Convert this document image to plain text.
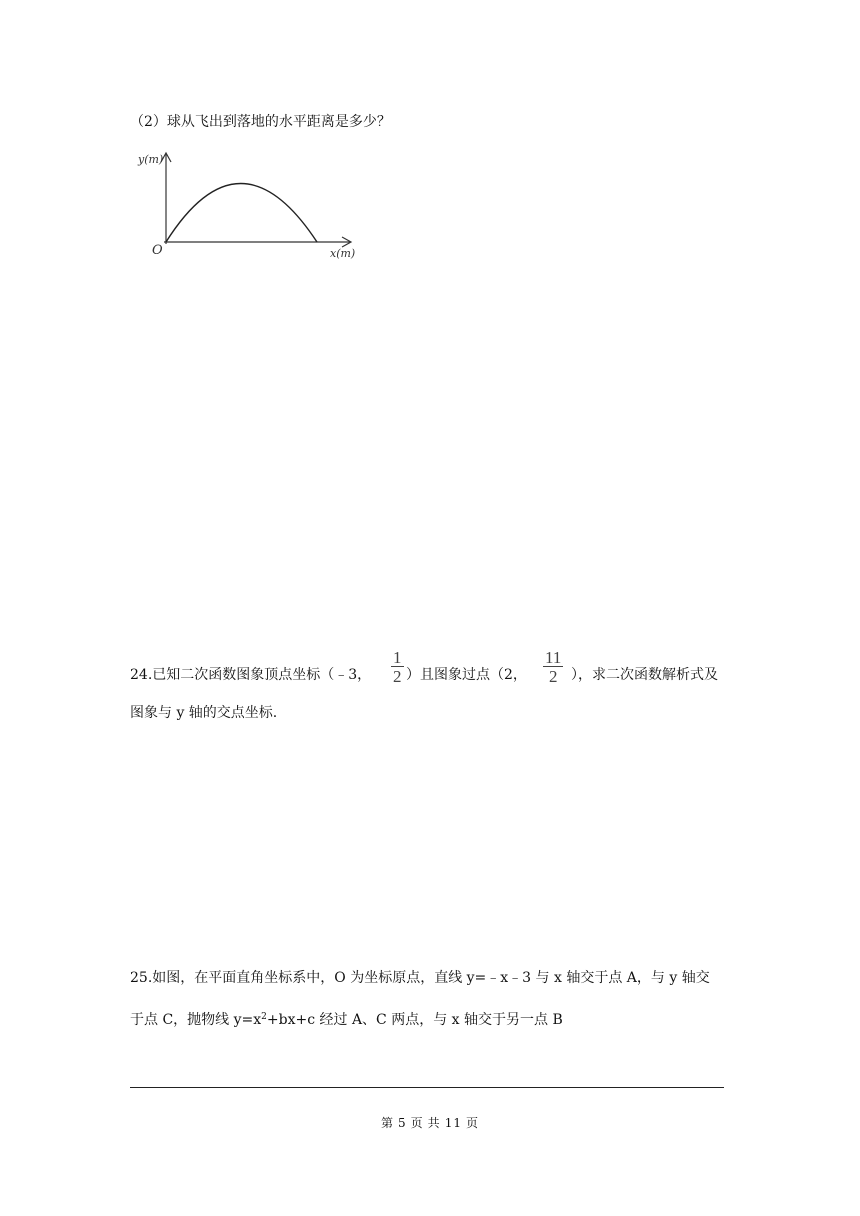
（2）球从飞出到落地的水平距离是多少？
y(m)
x(m)
O
24.已知二次函数图象顶点坐标（﹣3， $\frac{1}{2}$ ）且图象过点（2， $\frac{11}{2}$ ），求二次函数解析式及
图象与 y 轴的交点坐标.
25.如图，在平面直角坐标系中，O 为坐标原点，直线 y=﹣x﹣3 与 x 轴交于点 A，与 y 轴交
于点 C，抛物线 $y=x^2+bx+c$ 经过 A、C 两点，与 x 轴交于另一点 B
第 5 页 共 11 页
